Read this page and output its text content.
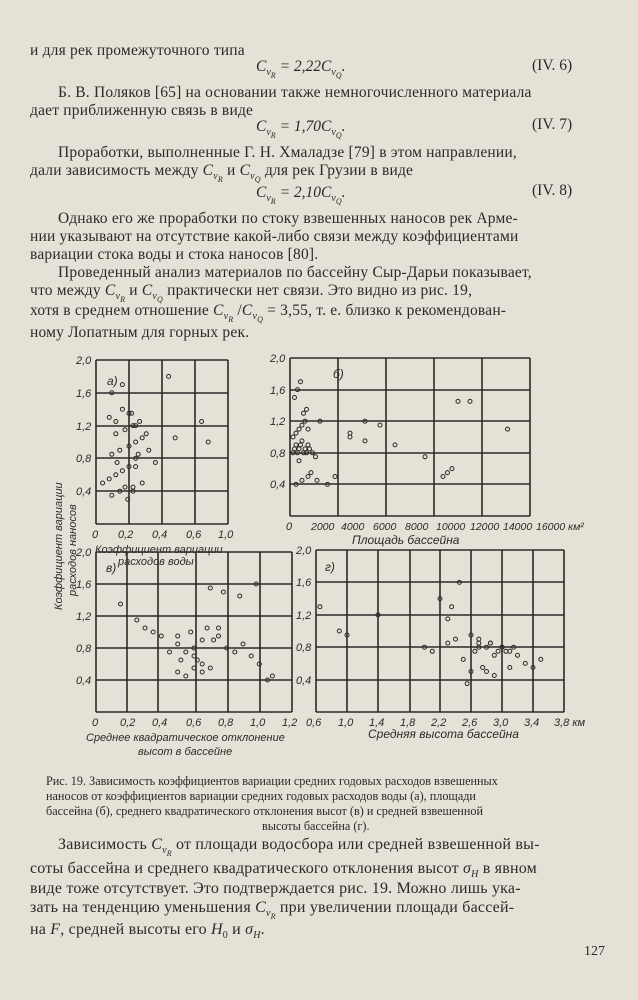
и для рек промежуточного типа
$C_{v_R} = 2,22C_{v_Q}$.	(IV. 6)
Б. В. Поляков [65] на основании также немногочисленного материала
дает приближенную связь в виде
$C_{v_R} = 1,70C_{v_Q}$.	(IV. 7)
Проработки, выполненные Г. Н. Хмаладзе [79] в этом направлении,
дали зависимость между $C_{v_R}$ и $C_{v_Q}$ для рек Грузии в виде
$C_{v_R} = 2,10C_{v_Q}$.	(IV. 8)
Однако его же проработки по стоку взвешенных наносов рек Арме-
нии указывают на отсутствие какой-либо связи между коэффициентами
вариации стока воды и стока наносов [80].
Проведенный анализ материалов по бассейну Сыр-Дарьи показывает,
что между $C_{v_R}$ и $C_{v_Q}$ практически нет связи. Это видно из рис. 19,
хотя в среднем отношение $C_{v_R}$ $/C_{v_Q} = 3,55$, т. е. близко к рекомендован-
ному Лопатным для горных рек.
а)
2,0
1,6
1,2
0,8
0,4
0 0,2 0,4 0,6 1,0
Коэффициент вариации
расходов воды
Коэффициент вариации расходов наносов
б)
2,0
1,6
1,2
0,8
0,4
0 2000 4000 6000 8000 10000 12000 14000 16000 км²
Площадь бассейна
в)
2,0
1,6
1,2
0,8
0,4
0 0,2 0,4 0,6 0,8 1,0 1,2
Среднее квадратическое отклонение
высот в бассейне
г)
2,0
1,6
1,2
0,8
0,4
0,6 1,0 1,4 1,8 2,2 2,6 3,0 3,4 3,8 км
Средняя высота бассейна
Рис. 19. Зависимость коэффициентов вариации средних годовых расходов взвешенных
наносов от коэффициентов вариации средних годовых расходов воды (а), площади
бассейна (б), среднего квадратического отклонения высот (в) и средней взвешенной
высоты бассейна (г).
Зависимость $C_{v_R}$ от площади водосбора или средней взвешенной вы-
соты бассейна и среднего квадратического отклонения высот $\sigma_H$ в явном
виде тоже отсутствует. Это подтверждается рис. 19. Можно лишь ука-
зать на тенденцию уменьшения $C_{v_R}$ при увеличении площади бассей-
на F, средней высоты его $H_0$ и $\sigma_H$.
127
